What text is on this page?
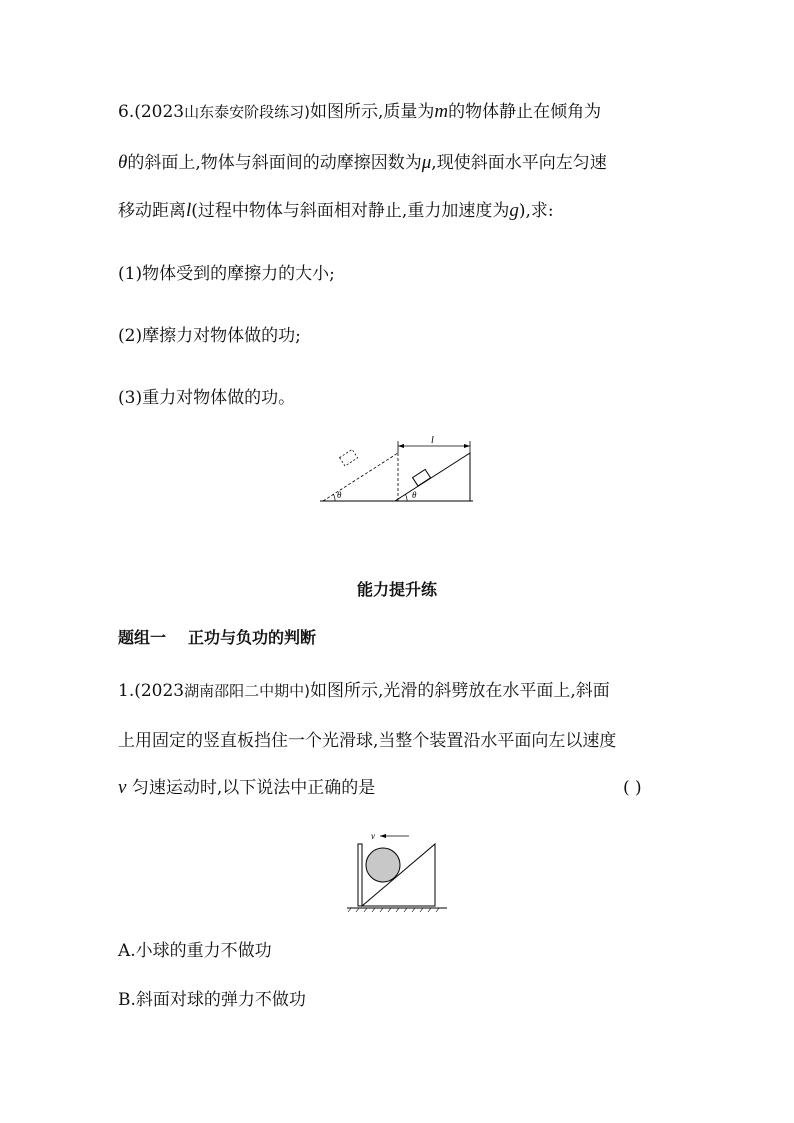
6.(2023山东泰安阶段练习)如图所示,质量为m的物体静止在倾角为
θ的斜面上,物体与斜面间的动摩擦因数为μ,现使斜面水平向左匀速
移动距离l(过程中物体与斜面相对静止,重力加速度为g),求:
(1)物体受到的摩擦力的大小;
(2)摩擦力对物体做的功;
(3)重力对物体做的功。
θ	θ
l
能力提升练
题组一 正功与负功的判断
1.(2023湖南邵阳二中期中)如图所示,光滑的斜劈放在水平面上,斜面
上用固定的竖直板挡住一个光滑球,当整个装置沿水平面向左以速度
v 匀速运动时,以下说法中正确的是	( )
v
A.小球的重力不做功
B.斜面对球的弹力不做功
